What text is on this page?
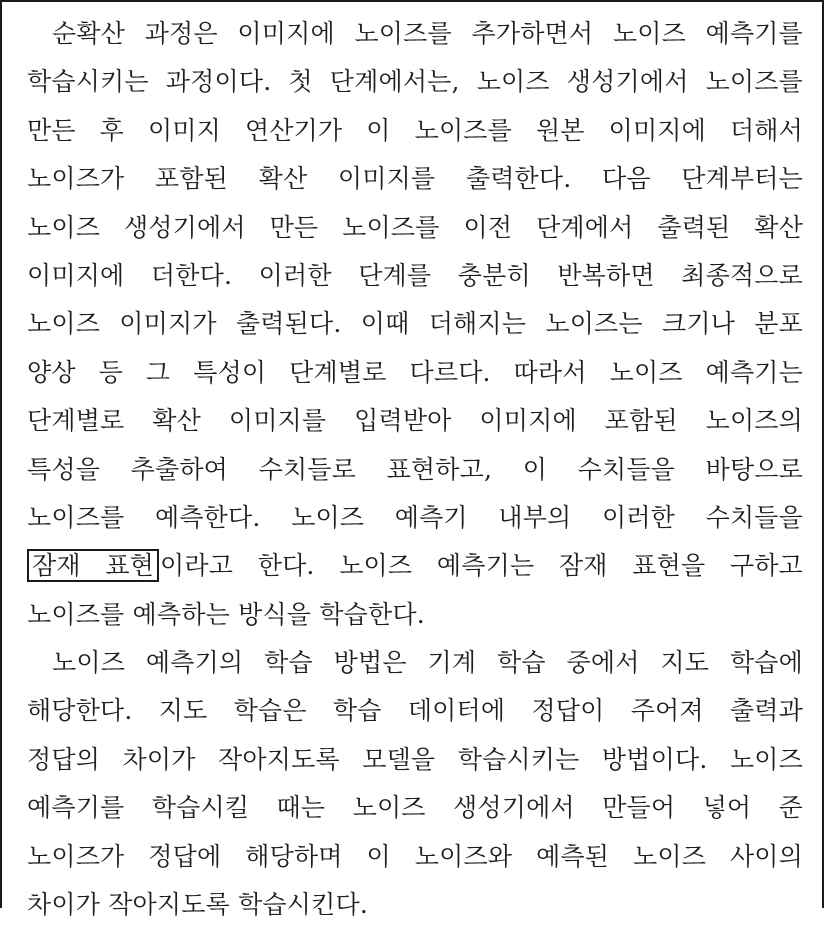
순확산 과정은 이미지에 노이즈를 추가하면서 노이즈 예측기를
학습시키는 과정이다. 첫 단계에서는, 노이즈 생성기에서 노이즈를
만든 후 이미지 연산기가 이 노이즈를 원본 이미지에 더해서
노이즈가 포함된 확산 이미지를 출력한다. 다음 단계부터는
노이즈 생성기에서 만든 노이즈를 이전 단계에서 출력된 확산
이미지에 더한다. 이러한 단계를 충분히 반복하면 최종적으로
노이즈 이미지가 출력된다. 이때 더해지는 노이즈는 크기나 분포
양상 등 그 특성이 단계별로 다르다. 따라서 노이즈 예측기는
단계별로 확산 이미지를 입력받아 이미지에 포함된 노이즈의
특성을 추출하여 수치들로 표현하고, 이 수치들을 바탕으로
노이즈를 예측한다. 노이즈 예측기 내부의 이러한 수치들을
잠재 표현 이라고 한다. 노이즈 예측기는 잠재 표현을 구하고
노이즈를 예측하는 방식을 학습한다.
노이즈 예측기의 학습 방법은 기계 학습 중에서 지도 학습에
해당한다. 지도 학습은 학습 데이터에 정답이 주어져 출력과
정답의 차이가 작아지도록 모델을 학습시키는 방법이다. 노이즈
예측기를 학습시킬 때는 노이즈 생성기에서 만들어 넣어 준
노이즈가 정답에 해당하며 이 노이즈와 예측된 노이즈 사이의
차이가 작아지도록 학습시킨다.
